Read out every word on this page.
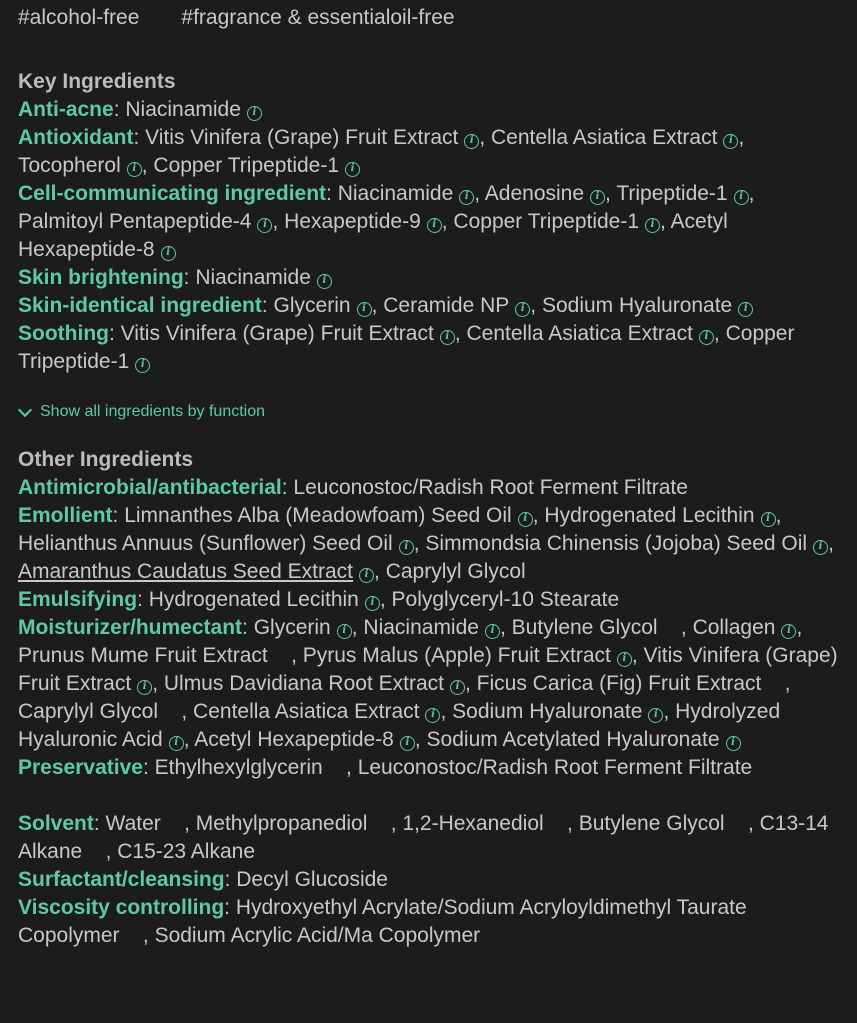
#alcohol-free #fragrance & essentialoil-free
Key Ingredients
Anti-acne: Niacinamide i
Antioxidant: Vitis Vinifera (Grape) Fruit Extract i , Centella Asiatica Extract i , Tocopherol i , Copper Tripeptide-1 i
Cell-communicating ingredient: Niacinamide i , Adenosine i , Tripeptide-1 i , Palmitoyl Pentapeptide-4 i , Hexapeptide-9 i , Copper Tripeptide-1 i , Acetyl Hexapeptide-8 i
Skin brightening: Niacinamide i
Skin-identical ingredient: Glycerin i , Ceramide NP i , Sodium Hyaluronate i
Soothing: Vitis Vinifera (Grape) Fruit Extract i , Centella Asiatica Extract i , Copper Tripeptide-1 i
Show all ingredients by function
Other Ingredients
Antimicrobial/antibacterial: Leuconostoc/Radish Root Ferment Filtrate
Emollient: Limnanthes Alba (Meadowfoam) Seed Oil i , Hydrogenated Lecithin i , Helianthus Annuus (Sunflower) Seed Oil i , Simmondsia Chinensis (Jojoba) Seed Oil i , Amaranthus Caudatus Seed Extract i , Caprylyl Glycol
Emulsifying: Hydrogenated Lecithin i , Polyglyceryl-10 Stearate
Moisturizer/humectant: Glycerin i , Niacinamide i , Butylene Glycol , Collagen i , Prunus Mume Fruit Extract , Pyrus Malus (Apple) Fruit Extract i , Vitis Vinifera (Grape) Fruit Extract i , Ulmus Davidiana Root Extract i , Ficus Carica (Fig) Fruit Extract , Caprylyl Glycol , Centella Asiatica Extract i , Sodium Hyaluronate i , Hydrolyzed Hyaluronic Acid i , Acetyl Hexapeptide-8 i , Sodium Acetylated Hyaluronate i
Preservative: Ethylhexylglycerin , Leuconostoc/Radish Root Ferment Filtrate
Solvent: Water , Methylpropanediol , 1,2-Hexanediol , Butylene Glycol , C13-14 Alkane , C15-23 Alkane
Surfactant/cleansing: Decyl Glucoside
Viscosity controlling: Hydroxyethyl Acrylate/Sodium Acryloyldimethyl Taurate Copolymer , Sodium Acrylic Acid/Ma Copolymer
